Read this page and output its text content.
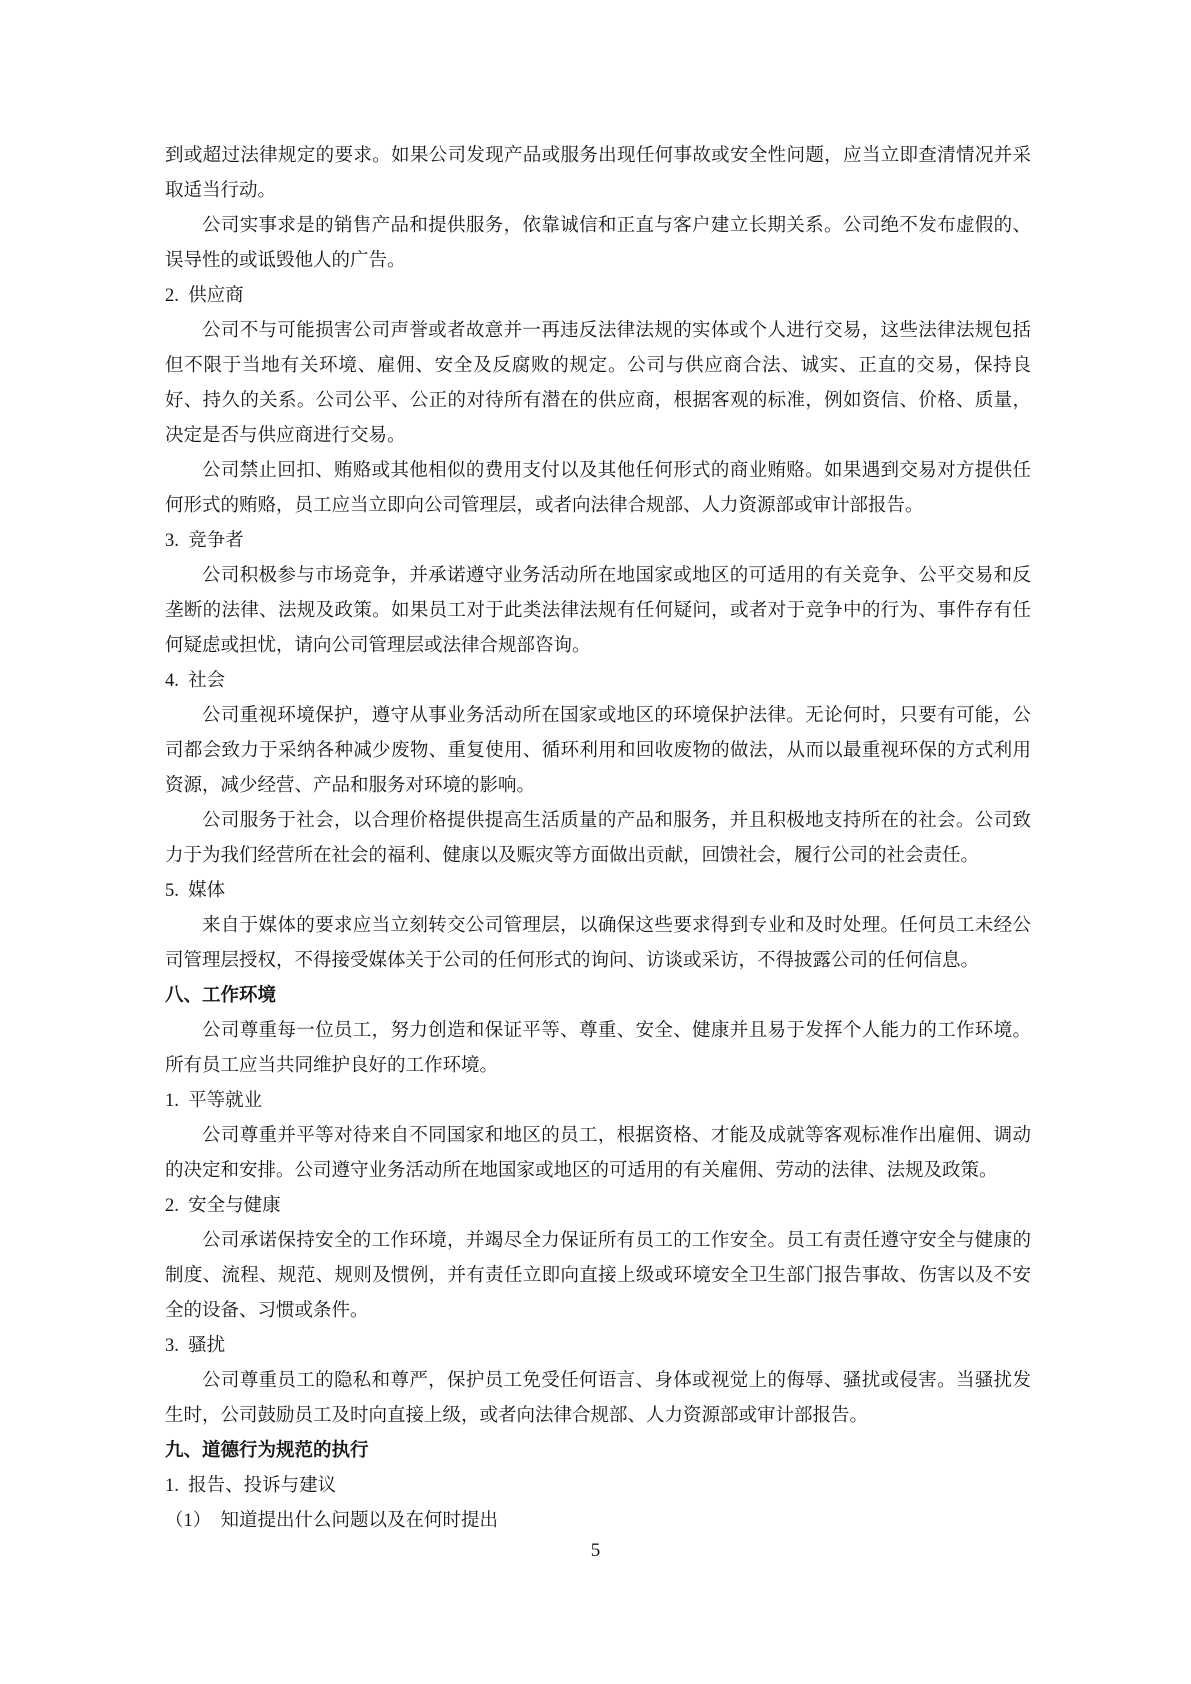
到或超过法律规定的要求。如果公司发现产品或服务出现任何事故或安全性问题，应当立即查清情况并采取适当行动。

公司实事求是的销售产品和提供服务，依靠诚信和正直与客户建立长期关系。公司绝不发布虚假的、误导性的或诋毁他人的广告。

2.  供应商

公司不与可能损害公司声誉或者故意并一再违反法律法规的实体或个人进行交易，这些法律法规包括但不限于当地有关环境、雇佣、安全及反腐败的规定。公司与供应商合法、诚实、正直的交易，保持良好、持久的关系。公司公平、公正的对待所有潜在的供应商，根据客观的标准，例如资信、价格、质量，决定是否与供应商进行交易。

公司禁止回扣、贿赂或其他相似的费用支付以及其他任何形式的商业贿赂。如果遇到交易对方提供任何形式的贿赂，员工应当立即向公司管理层，或者向法律合规部、人力资源部或审计部报告。

3.  竞争者

公司积极参与市场竞争，并承诺遵守业务活动所在地国家或地区的可适用的有关竞争、公平交易和反垄断的法律、法规及政策。如果员工对于此类法律法规有任何疑问，或者对于竞争中的行为、事件存有任何疑虑或担忧，请向公司管理层或法律合规部咨询。

4.  社会

公司重视环境保护，遵守从事业务活动所在国家或地区的环境保护法律。无论何时，只要有可能，公司都会致力于采纳各种减少废物、重复使用、循环利用和回收废物的做法，从而以最重视环保的方式利用资源，减少经营、产品和服务对环境的影响。

公司服务于社会，以合理价格提供提高生活质量的产品和服务，并且积极地支持所在的社会。公司致力于为我们经营所在社会的福利、健康以及赈灾等方面做出贡献，回馈社会，履行公司的社会责任。

5.  媒体

来自于媒体的要求应当立刻转交公司管理层，以确保这些要求得到专业和及时处理。任何员工未经公司管理层授权，不得接受媒体关于公司的任何形式的询问、访谈或采访，不得披露公司的任何信息。

八、工作环境

公司尊重每一位员工，努力创造和保证平等、尊重、安全、健康并且易于发挥个人能力的工作环境。所有员工应当共同维护良好的工作环境。

1.  平等就业

公司尊重并平等对待来自不同国家和地区的员工，根据资格、才能及成就等客观标准作出雇佣、调动的决定和安排。公司遵守业务活动所在地国家或地区的可适用的有关雇佣、劳动的法律、法规及政策。

2.  安全与健康

公司承诺保持安全的工作环境，并竭尽全力保证所有员工的工作安全。员工有责任遵守安全与健康的制度、流程、规范、规则及惯例，并有责任立即向直接上级或环境安全卫生部门报告事故、伤害以及不安全的设备、习惯或条件。

3.  骚扰

公司尊重员工的隐私和尊严，保护员工免受任何语言、身体或视觉上的侮辱、骚扰或侵害。当骚扰发生时，公司鼓励员工及时向直接上级，或者向法律合规部、人力资源部或审计部报告。

九、道德行为规范的执行

1.  报告、投诉与建议

（1）  知道提出什么问题以及在何时提出

5
